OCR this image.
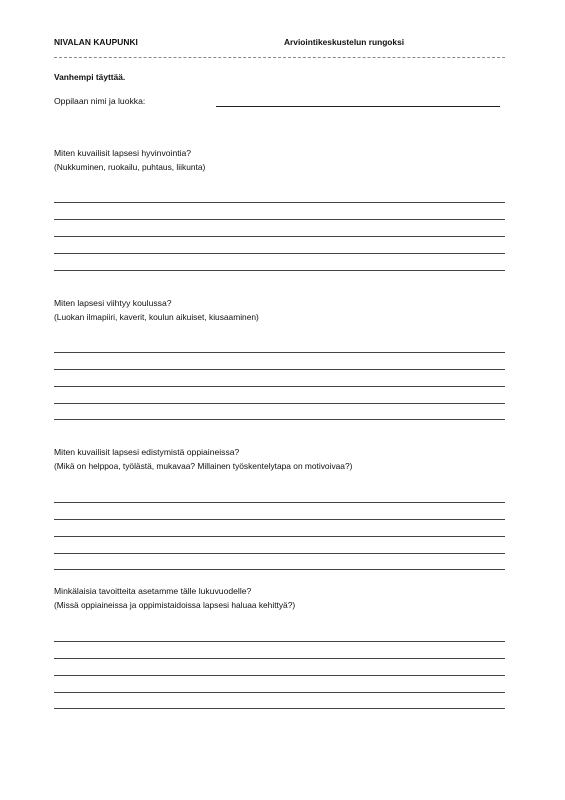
NIVALAN KAUPUNKI	Arviointikeskustelun rungoksi
Vanhempi täyttää.
Oppilaan nimi ja luokka:
Miten kuvailisit lapsesi hyvinvointia?
(Nukkuminen, ruokailu, puhtaus, liikunta)
Miten lapsesi viihtyy koulussa?
(Luokan ilmapiiri, kaverit, koulun aikuiset, kiusaaminen)
Miten kuvailisit lapsesi edistymistä oppiaineissa?
(Mikä on helppoa, työlästä, mukavaa? Millainen työskentelytapa on motivoivaa?)
Minkälaisia tavoitteita asetamme tälle lukuvuodelle?
(Missä oppiaineissa ja oppimistaidoissa lapsesi haluaa kehittyä?)
